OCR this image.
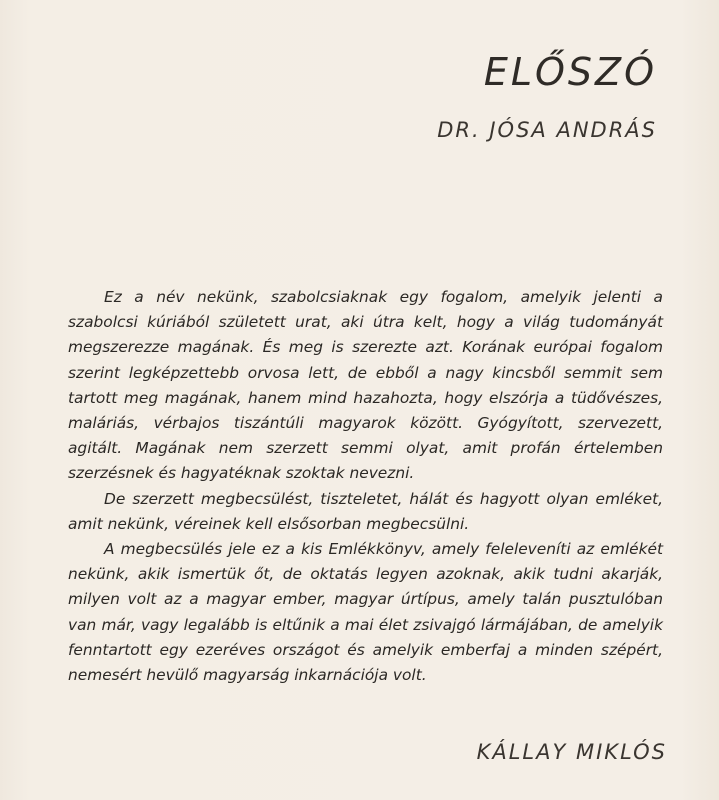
ELŐSZÓ
DR. JÓSA ANDRÁS

Ez a név nekünk, szabolcsiaknak egy fogalom, amelyik jelenti a szabolcsi kúriából született urat, aki útra kelt, hogy a világ tudományát megszerezze magának. És meg is szerezte azt. Korának európai fogalom szerint legképzettebb orvosa lett, de ebből a nagy kincsből semmit sem tartott meg magának, hanem mind hazahozta, hogy elszórja a tüdővészes, maláriás, vérbajos tiszántúli magyarok között. Gyógyított, szervezett, agitált. Magának nem szerzett semmi olyat, amit profán értelemben szerzésnek és hagyatéknak szoktak nevezni.

De szerzett megbecsülést, tiszteletet, hálát és hagyott olyan emléket, amit nekünk, véreinek kell elsősorban megbecsülni.

A megbecsülés jele ez a kis Emlékkönyv, amely feleleveníti az emlékét nekünk, akik ismertük őt, de oktatás legyen azoknak, akik tudni akarják, milyen volt az a magyar ember, magyar úrtípus, amely talán pusztulóban van már, vagy legalább is eltűnik a mai élet zsivajgó lármájában, de amelyik fenntartott egy ezeréves országot és amelyik emberfaj a minden szépért, nemesért hevülő magyarság inkarnációja volt.

KÁLLAY MIKLÓS
